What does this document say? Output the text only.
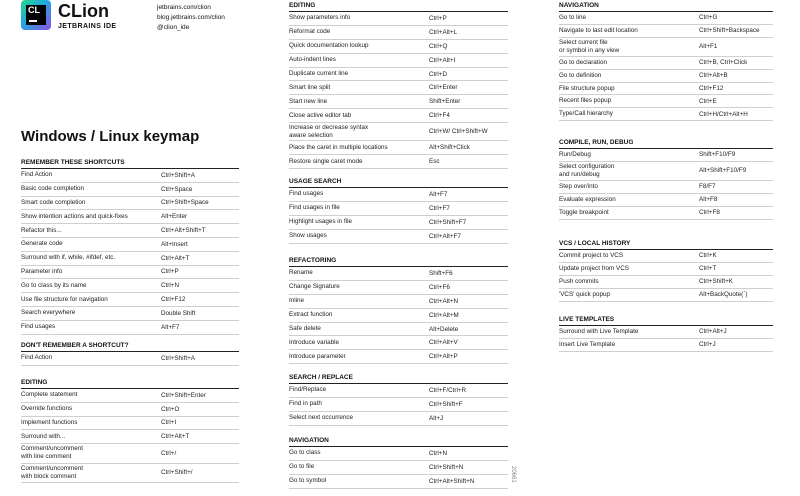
CL CLion
JETBRAINS IDE
jetbrains.com/clion
blog.jetbrains.com/clion
@clion_ide
Windows / Linux keymap
REMEMBER THESE SHORTCUTS
Find Action	Ctrl+Shift+A
Basic code completion	Ctrl+Space
Smart code completion	Ctrl+Shift+Space
Show intention actions and quick-fixes	Alt+Enter
Refactor this...	Ctrl+Alt+Shift+T
Generate code	Alt+Insert
Surround with if, while, #ifdef, etc.	Ctrl+Alt+T
Parameter info	Ctrl+P
Go to class by its name	Ctrl+N
Use file structure for navigation	Ctrl+F12
Search everywhere	Double Shift
Find usages	Alt+F7
DON'T REMEMBER A SHORTCUT?
Find Action	Ctrl+Shift+A
EDITING
Complete statement	Ctrl+Shift+Enter
Override functions	Ctrl+O
Implement functions	Ctrl+I
Surround with...	Ctrl+Alt+T
Comment/uncomment
with line comment	Ctrl+/
Comment/uncomment
with block comment	Ctrl+Shift+/
EDITING
Show parameters info	Ctrl+P
Reformat code	Ctrl+Alt+L
Quick documentation lookup	Ctrl+Q
Auto-indent lines	Ctrl+Alt+I
Duplicate current line	Ctrl+D
Smart line split	Ctrl+Enter
Start new line	Shift+Enter
Close active editor tab	Ctrl+F4
Increase or decrease syntax
aware selection	Ctrl+W/ Ctrl+Shift+W
Place the caret in multiple locations	Alt+Shift+Click
Restore single caret mode	Esc
USAGE SEARCH
Find usages	Alt+F7
Find usages in file	Ctrl+F7
Highlight usages in file	Ctrl+Shift+F7
Show usages	Ctrl+Alt+F7
REFACTORING
Rename	Shift+F6
Change Signature	Ctrl+F6
Inline	Ctrl+Alt+N
Extract function	Ctrl+Alt+M
Safe delete	Alt+Delete
Introduce variable	Ctrl+Alt+V
Introduce parameter	Ctrl+Alt+P
SEARCH / REPLACE
Find/Replace	Ctrl+F/Ctrl+R
Find in path	Ctrl+Shift+F
Select next occurrence	Alt+J
NAVIGATION
Go to class	Ctrl+N
Go to file	Ctrl+Shift+N
Go to symbol	Ctrl+Alt+Shift+N
NAVIGATION
Go to line	Ctrl+G
Navigate to last edit location	Ctrl+Shift+Backspace
Select current file
or symbol in any view	Alt+F1
Go to declaration	Ctrl+B, Ctrl+Click
Go to definition	Ctrl+Alt+B
File structure popup	Ctrl+F12
Recent files popup	Ctrl+E
Type/Call hierarchy	Ctrl+H/Ctrl+Alt+H
COMPILE, RUN, DEBUG
Run/Debug	Shift+F10/F9
Select configuration
and run/debug	Alt+Shift+F10/F9
Step over/into	F8/F7
Evaluate expression	Alt+F8
Toggle breakpoint	Ctrl+F8
VCS / LOCAL HISTORY
Commit project to VCS	Ctrl+K
Update project from VCS	Ctrl+T
Push commits	Ctrl+Shift+K
'VCS' quick popup	Alt+BackQuote(`)
LIVE TEMPLATES
Surround with Live Template	Ctrl+Alt+J
Insert Live Template	Ctrl+J
20661
